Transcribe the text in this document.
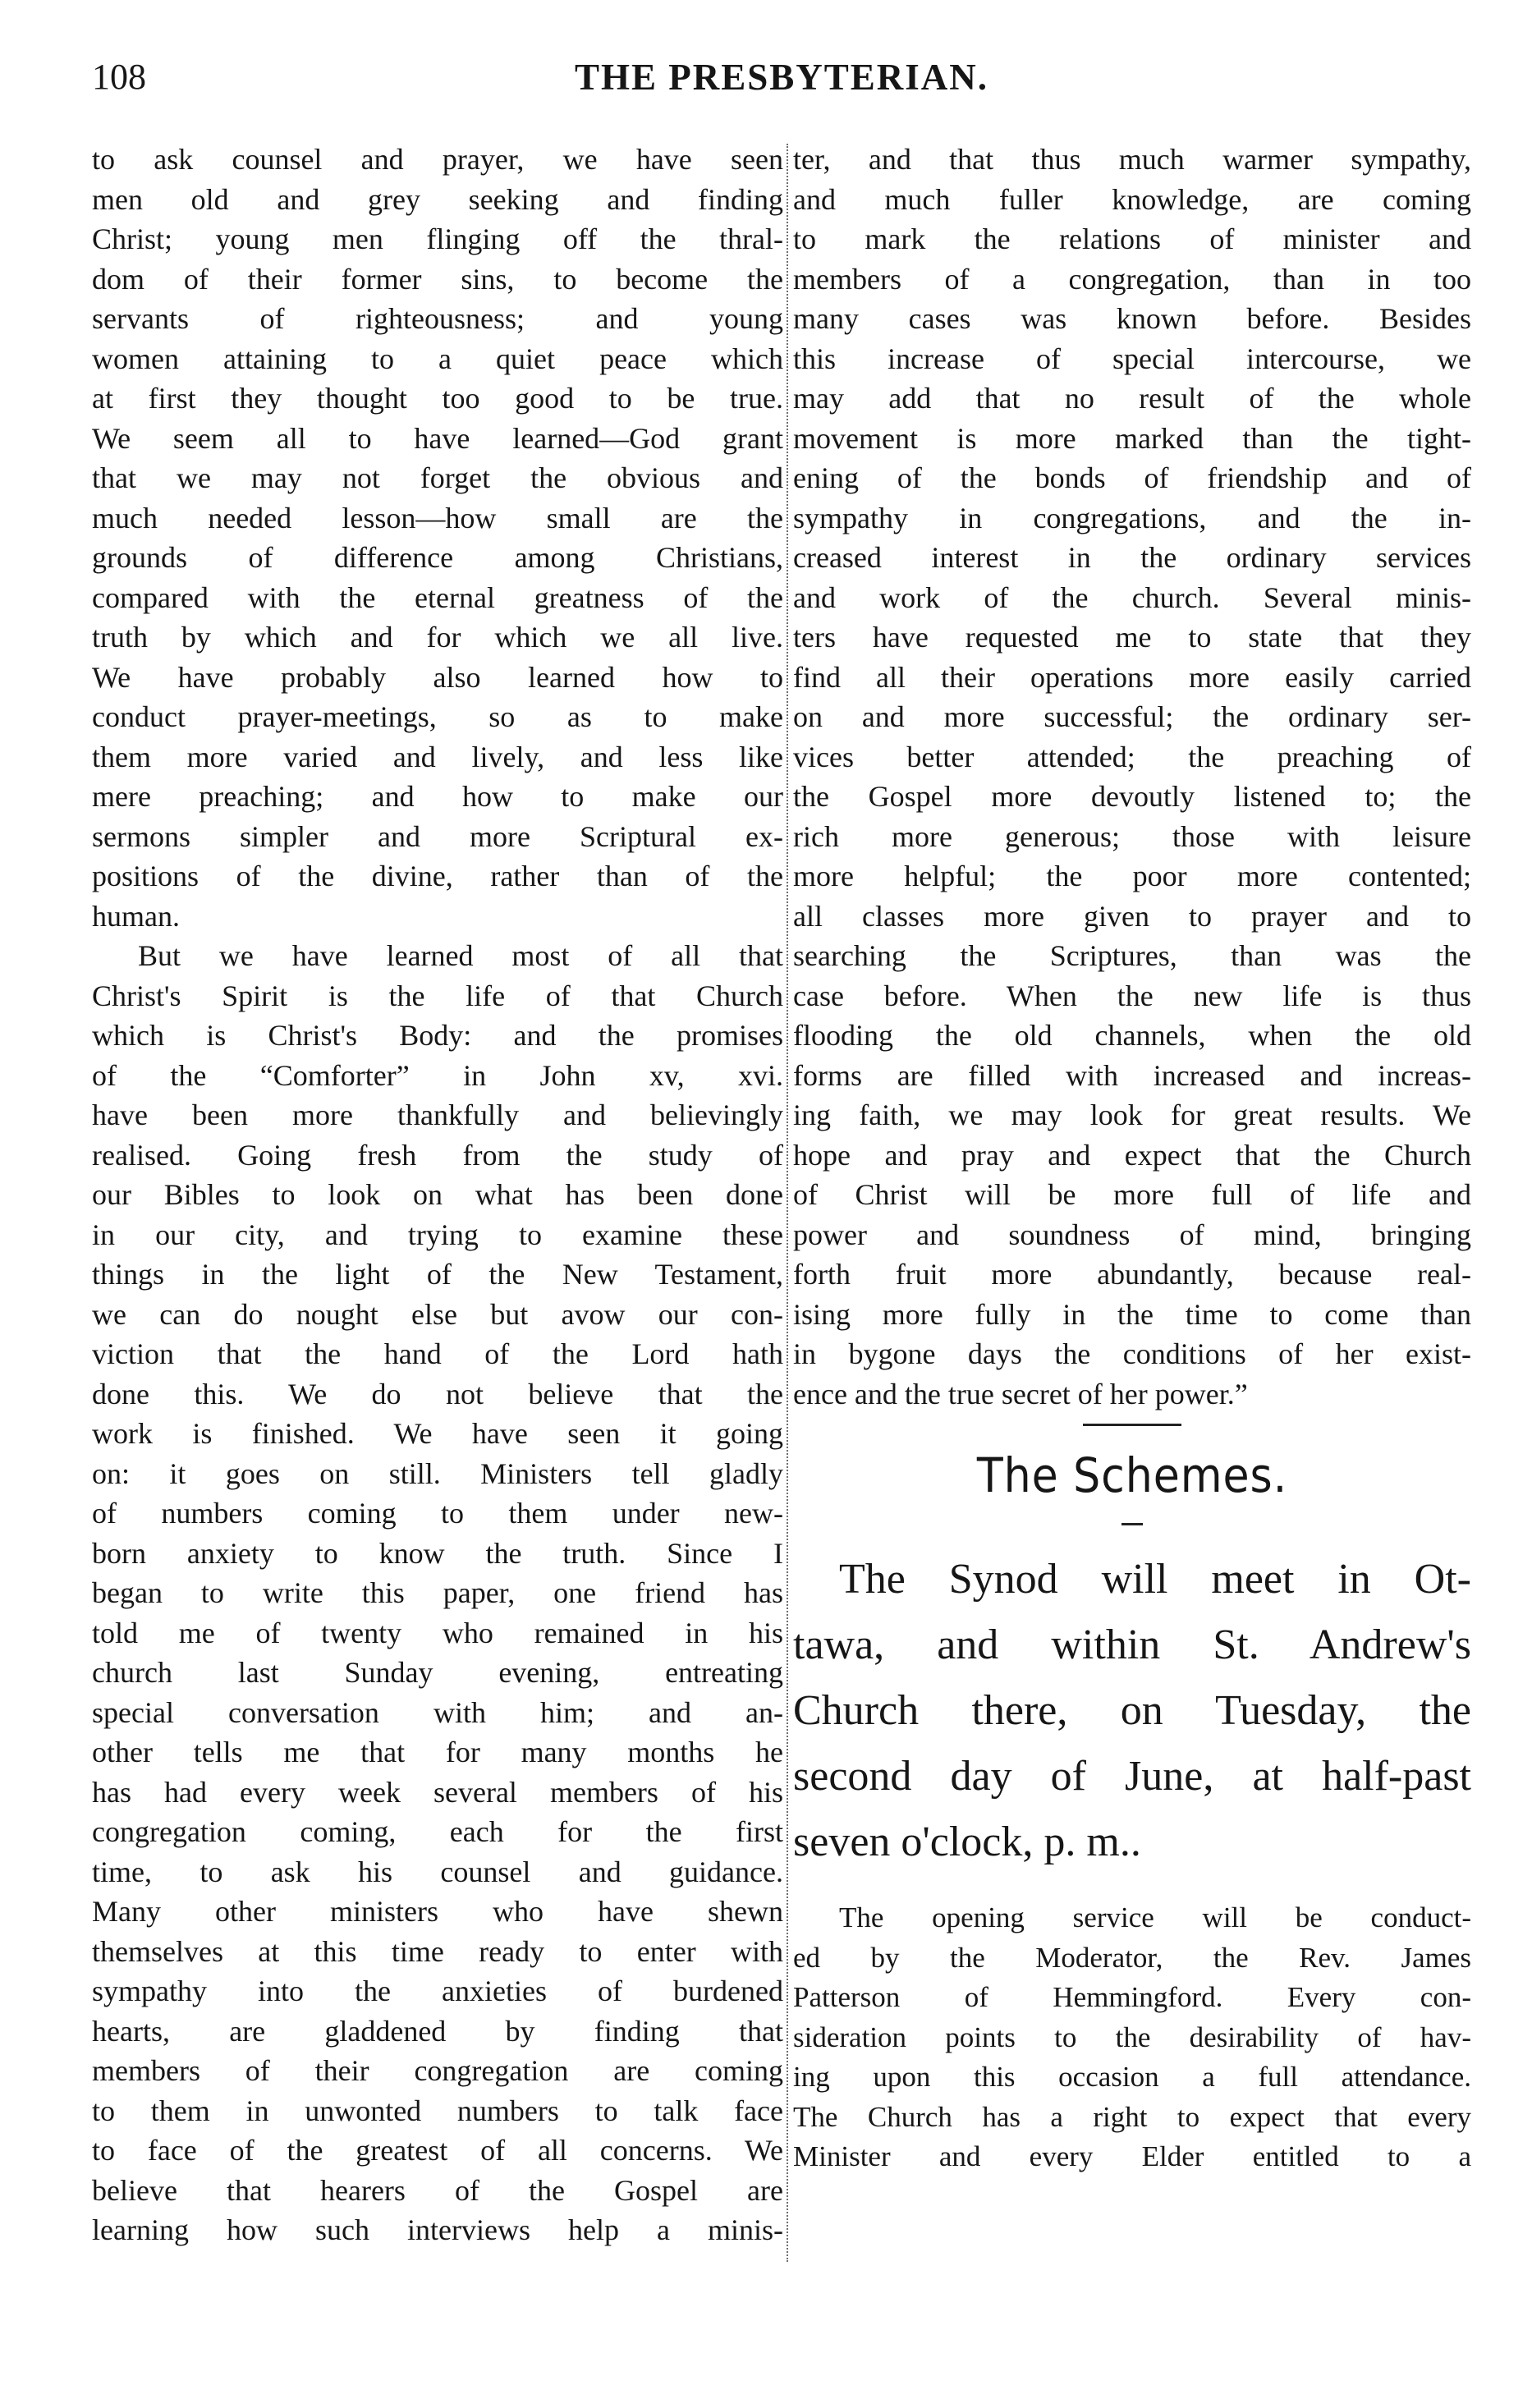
108	THE PRESBYTERIAN.
to ask counsel and prayer, we have seen
men old and grey seeking and finding
Christ; young men flinging off the thral-
dom of their former sins, to become the
servants of righteousness; and young
women attaining to a quiet peace which
at first they thought too good to be true.
We seem all to have learned—God grant
that we may not forget the obvious and
much needed lesson—how small are the
grounds of difference among Christians,
compared with the eternal greatness of the
truth by which and for which we all live.
We have probably also learned how to
conduct prayer-meetings, so as to make
them more varied and lively, and less like
mere preaching; and how to make our
sermons simpler and more Scriptural ex-
positions of the divine, rather than of the
human.
But we have learned most of all that
Christ's Spirit is the life of that Church
which is Christ's Body: and the promises
of the “Comforter” in John xv, xvi.
have been more thankfully and believingly
realised. Going fresh from the study of
our Bibles to look on what has been done
in our city, and trying to examine these
things in the light of the New Testament,
we can do nought else but avow our con-
viction that the hand of the Lord hath
done this. We do not believe that the
work is finished. We have seen it going
on: it goes on still. Ministers tell gladly
of numbers coming to them under new-
born anxiety to know the truth. Since I
began to write this paper, one friend has
told me of twenty who remained in his
church last Sunday evening, entreating
special conversation with him; and an-
other tells me that for many months he
has had every week several members of his
congregation coming, each for the first
time, to ask his counsel and guidance.
Many other ministers who have shewn
themselves at this time ready to enter with
sympathy into the anxieties of burdened
hearts, are gladdened by finding that
members of their congregation are coming
to them in unwonted numbers to talk face
to face of the greatest of all concerns. We
believe that hearers of the Gospel are
learning how such interviews help a minis-
ter, and that thus much warmer sympathy,
and much fuller knowledge, are coming
to mark the relations of minister and
members of a congregation, than in too
many cases was known before. Besides
this increase of special intercourse, we
may add that no result of the whole
movement is more marked than the tight-
ening of the bonds of friendship and of
sympathy in congregations, and the in-
creased interest in the ordinary services
and work of the church. Several minis-
ters have requested me to state that they
find all their operations more easily carried
on and more successful; the ordinary ser-
vices better attended; the preaching of
the Gospel more devoutly listened to; the
rich more generous; those with leisure
more helpful; the poor more contented;
all classes more given to prayer and to
searching the Scriptures, than was the
case before. When the new life is thus
flooding the old channels, when the old
forms are filled with increased and increas-
ing faith, we may look for great results. We
hope and pray and expect that the Church
of Christ will be more full of life and
power and soundness of mind, bringing
forth fruit more abundantly, because real-
ising more fully in the time to come than
in bygone days the conditions of her exist-
ence and the true secret of her power.”
The Schemes.
The Synod will meet in Ot-
tawa, and within St. Andrew's
Church there, on Tuesday, the
second day of June, at half-past
seven o'clock, p. m..
The opening service will be conduct-
ed by the Moderator, the Rev. James
Patterson of Hemmingford. Every con-
sideration points to the desirability of hav-
ing upon this occasion a full attendance.
The Church has a right to expect that every
Minister and every Elder entitled to a
